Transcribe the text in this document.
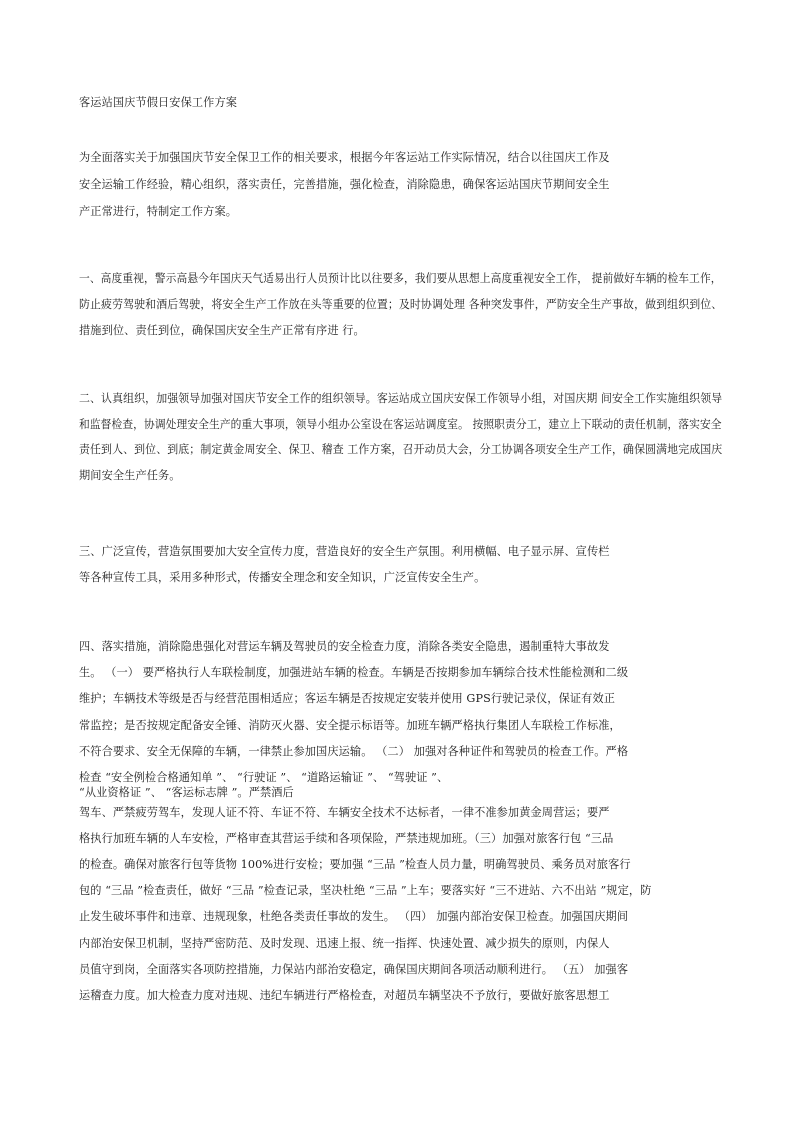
客运站国庆节假日安保工作方案
为全面落实关于加强国庆节安全保卫工作的相关要求，根据今年客运站工作实际情况，结合以往国庆工作及
安全运输工作经验，精心组织，落实责任，完善措施，强化检查，消除隐患，确保客运站国庆节期间安全生
产正常进行，特制定工作方案。
一、高度重视，警示高悬今年国庆天气适易出行人员预计比以往要多，我们要从思想上高度重视安全工作， 提前做好车辆的检车工作，
防止疲劳驾驶和酒后驾驶，将安全生产工作放在头等重要的位置；及时协调处理 各种突发事件，严防安全生产事故，做到组织到位、
措施到位、责任到位，确保国庆安全生产正常有序进 行。
二、认真组织，加强领导加强对国庆节安全工作的组织领导。客运站成立国庆安保工作领导小组，对国庆期 间安全工作实施组织领导
和监督检查，协调处理安全生产的重大事项，领导小组办公室设在客运站调度室。 按照职责分工，建立上下联动的责任机制，落实安全
责任到人、到位、到底；制定黄金周安全、保卫、稽查 工作方案，召开动员大会，分工协调各项安全生产工作，确保圆满地完成国庆
期间安全生产任务。
三、广泛宣传，营造氛围要加大安全宣传力度，营造良好的安全生产氛围。利用横幅、电子显示屏、宣传栏
等各种宣传工具，采用多种形式，传播安全理念和安全知识，广泛宣传安全生产。
四、落实措施，消除隐患强化对营运车辆及驾驶员的安全检查力度，消除各类安全隐患，遏制重特大事故发
生。 （一） 要严格执行人车联检制度，加强进站车辆的检查。车辆是否按期参加车辆综合技术性能检测和二级
维护；车辆技术等级是否与经营范围相适应；客运车辆是否按规定安装并使用 GPS行驶记录仪，保证有效正
常监控；是否按规定配备安全锤、消防灭火器、安全提示标语等。加班车辆严格执行集团人车联检工作标准，
不符合要求、安全无保障的车辆，一律禁止参加国庆运输。 （二） 加强对各种证件和驾驶员的检查工作。严格
检查 “安全例检合格通知单 ”、 “行驶证 ”、 “道路运输证 ”、 “驾驶证 ”、
“从业资格证 ”、 “客运标志牌 ”。严禁酒后
驾车、严禁疲劳驾车，发现人证不符、车证不符、车辆安全技术不达标者，一律不准参加黄金周营运；要严
格执行加班车辆的人车安检，严格审查其营运手续和各项保险，严禁违规加班。（三）加强对旅客行包 “三品
的检查。确保对旅客行包等货物 100%进行安检；要加强 “三品 ”检查人员力量，明确驾驶员、乘务员对旅客行
包的 “三品 ”检查责任，做好 “三品 ”检查记录，坚决杜绝 “三品 ”上车；要落实好 “三不进站、六不出站 ”规定，防
止发生破坏事件和违章、违规现象，杜绝各类责任事故的发生。 （四） 加强内部治安保卫检查。加强国庆期间
内部治安保卫机制，坚持严密防范、及时发现、迅速上报、统一指挥、快速处置、减少损失的原则，内保人
员值守到岗，全面落实各项防控措施，力保站内部治安稳定，确保国庆期间各项活动顺利进行。 （五） 加强客
运稽查力度。加大检查力度对违规、违纪车辆进行严格检查，对超员车辆坚决不予放行，要做好旅客思想工
